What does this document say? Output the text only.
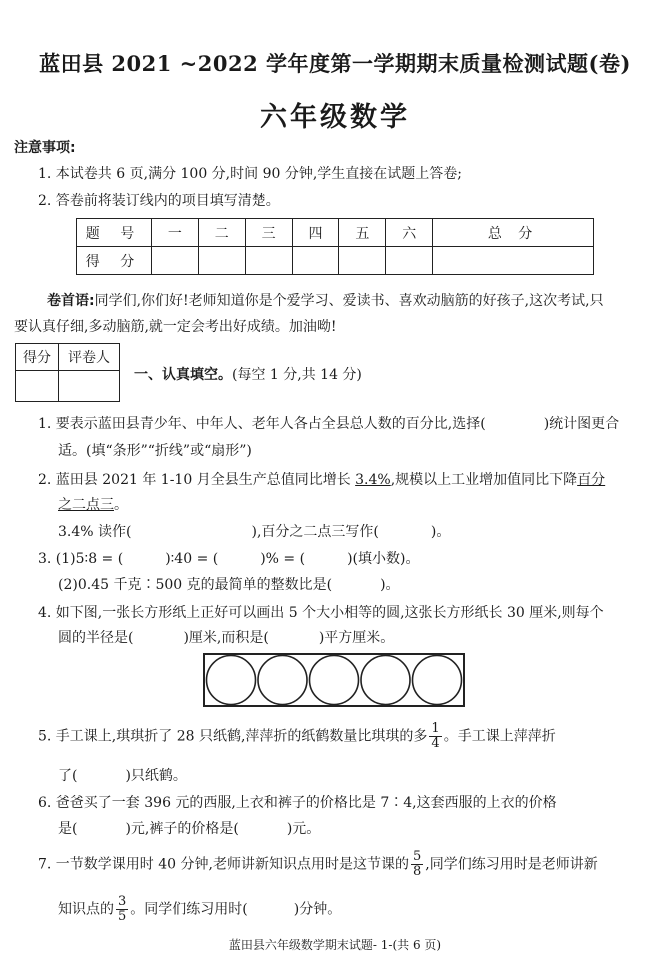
蓝田县 2021 ~2022 学年度第一学期期末质量检测试题(卷)
六年级数学
注意事项:
1. 本试卷共 6 页,满分 100 分,时间 90 分钟,学生直接在试题上答卷;
2. 答卷前将装订线内的项目填写清楚。
题 号	一	二	三	四	五	六	总 分
得 分							
卷首语:同学们,你们好!老师知道你是个爱学习、爱读书、喜欢动脑筋的好孩子,这次考试,只
要认真仔细,多动脑筋,就一定会考出好成绩。加油呦!
得分	评卷人

一、认真填空。(每空 1 分,共 14 分)
1. 要表示蓝田县青少年、中年人、老年人各占全县总人数的百分比,选择(	)统计图更合
适。(填“条形”“折线”或“扇形”)
2. 蓝田县 2021 年 1-10 月全县生产总值同比增长 3.4%,规模以上工业增加值同比下降百分
之二点三。
3.4% 读作(	),百分之二点三写作(	)。
3. (1)5∶8 = (	)∶40 = (	)% = (	)(填小数)。
(2)0.45 千克∶500 克的最简单的整数比是(	)。
4. 如下图,一张长方形纸上正好可以画出 5 个大小相等的圆,这张长方形纸长 30 厘米,则每个
圆的半径是(	)厘米,而积是(	)平方厘米。
5. 手工课上,琪琪折了 28 只纸鹤,萍萍折的纸鹤数量比琪琪的多 $\frac{1}{4}$ 。手工课上萍萍折
了(	)只纸鹤。
6. 爸爸买了一套 396 元的西服,上衣和裤子的价格比是 7∶4,这套西服的上衣的价格
是(	)元,裤子的价格是(	)元。
7. 一节数学课用时 40 分钟,老师讲新知识点用时是这节课的 $\frac{5}{8}$ ,同学们练习用时是老师讲新
知识点的 $\frac{3}{5}$ 。同学们练习用时(	)分钟。
蓝田县六年级数学期末试题- 1-(共 6 页)
